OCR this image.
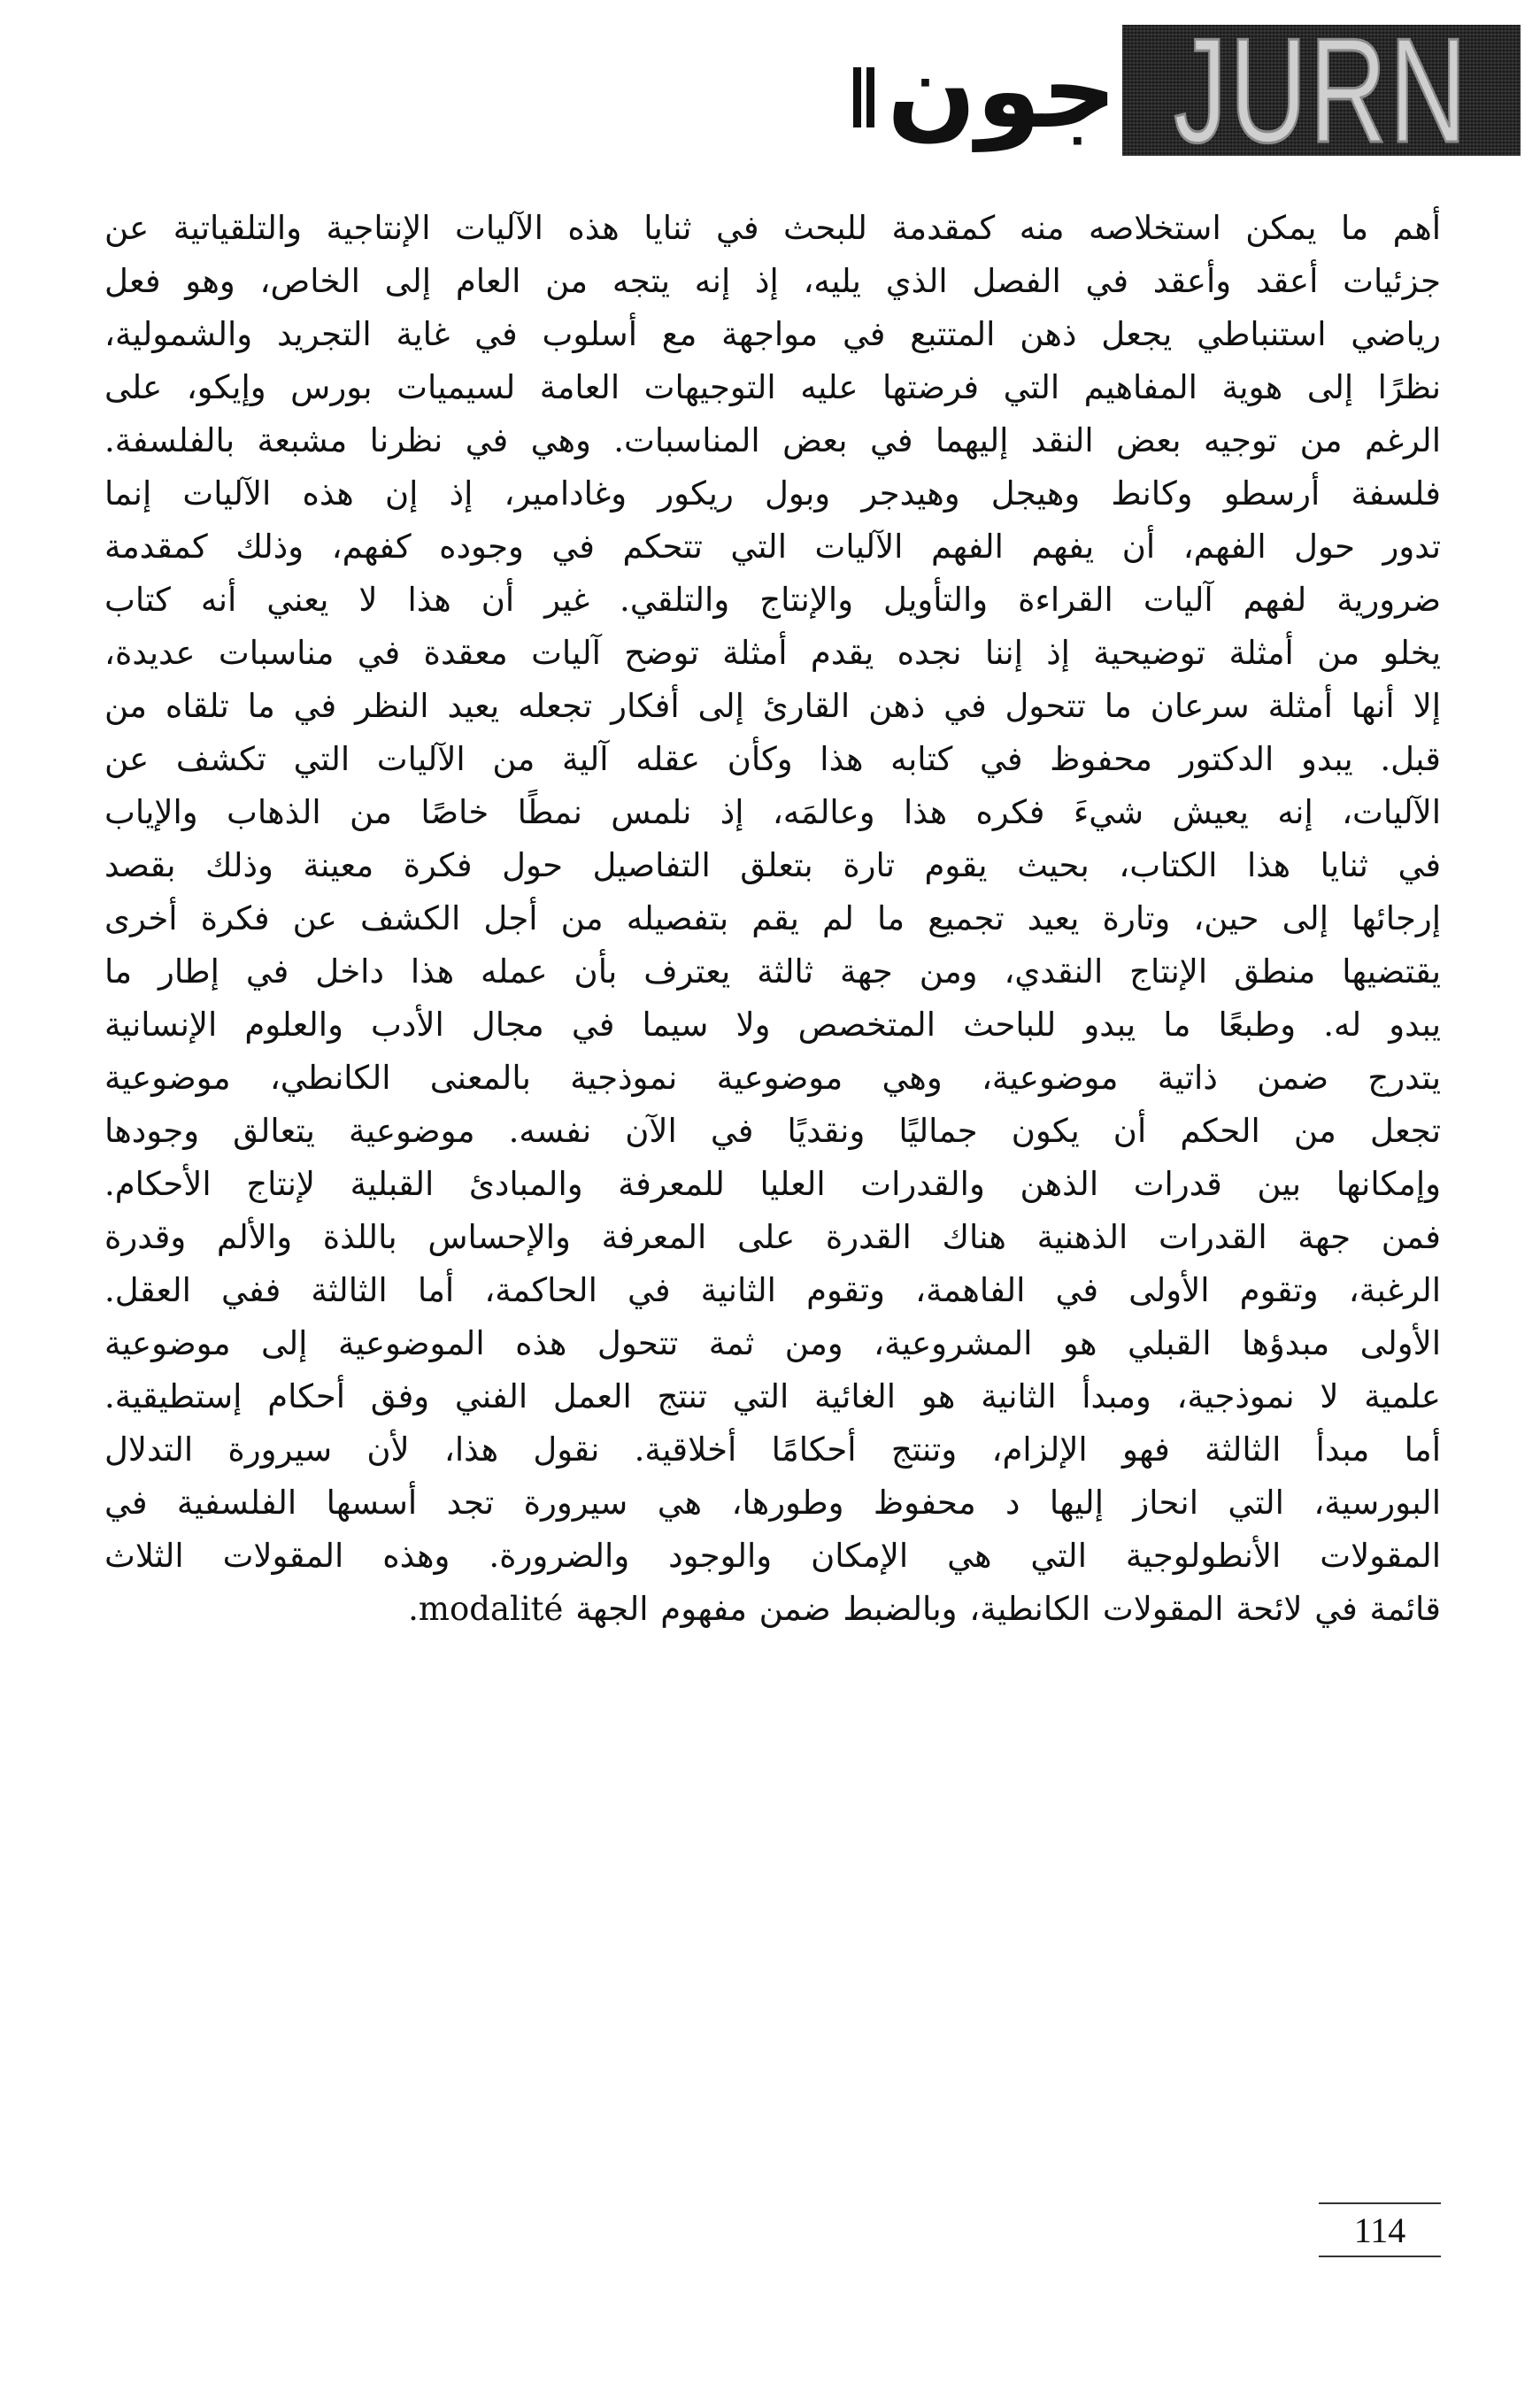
جون JURN
أهم ما يمكن استخلاصه منه كمقدمة للبحث في ثنايا هذه الآليات الإنتاجية والتلقياتية عن
جزئيات أعقد وأعقد في الفصل الذي يليه، إذ إنه يتجه من العام إلى الخاص، وهو فعل
رياضي استنباطي يجعل ذهن المتتبع في مواجهة مع أسلوب في غاية التجريد والشمولية،
نظرًا إلى هوية المفاهيم التي فرضتها عليه التوجيهات العامة لسيميات بورس وإيكو، على
الرغم من توجيه بعض النقد إليهما في بعض المناسبات. وهي في نظرنا مشبعة بالفلسفة.
فلسفة أرسطو وكانط وهيجل وهيدجر وبول ريكور وغادامير، إذ إن هذه الآليات إنما
تدور حول الفهم، أن يفهم الفهم الآليات التي تتحكم في وجوده كفهم، وذلك كمقدمة
ضرورية لفهم آليات القراءة والتأويل والإنتاج والتلقي. غير أن هذا لا يعني أنه كتاب
يخلو من أمثلة توضيحية إذ إننا نجده يقدم أمثلة توضح آليات معقدة في مناسبات عديدة،
إلا أنها أمثلة سرعان ما تتحول في ذهن القارئ إلى أفكار تجعله يعيد النظر في ما تلقاه من
قبل. يبدو الدكتور محفوظ في كتابه هذا وكأن عقله آلية من الآليات التي تكشف عن
الآليات، إنه يعيش شيءَ فكره هذا وعالمَه، إذ نلمس نمطًا خاصًا من الذهاب والإياب
في ثنايا هذا الكتاب، بحيث يقوم تارة بتعلق التفاصيل حول فكرة معينة وذلك بقصد
إرجائها إلى حين، وتارة يعيد تجميع ما لم يقم بتفصيله من أجل الكشف عن فكرة أخرى
يقتضيها منطق الإنتاج النقدي، ومن جهة ثالثة يعترف بأن عمله هذا داخل في إطار ما
يبدو له. وطبعًا ما يبدو للباحث المتخصص ولا سيما في مجال الأدب والعلوم الإنسانية
يتدرج ضمن ذاتية موضوعية، وهي موضوعية نموذجية بالمعنى الكانطي، موضوعية
تجعل من الحكم أن يكون جماليًا ونقديًا في الآن نفسه. موضوعية يتعالق وجودها
وإمكانها بين قدرات الذهن والقدرات العليا للمعرفة والمبادئ القبلية لإنتاج الأحكام.
فمن جهة القدرات الذهنية هناك القدرة على المعرفة والإحساس باللذة والألم وقدرة
الرغبة، وتقوم الأولى في الفاهمة، وتقوم الثانية في الحاكمة، أما الثالثة ففي العقل.
الأولى مبدؤها القبلي هو المشروعية، ومن ثمة تتحول هذه الموضوعية إلى موضوعية
علمية لا نموذجية، ومبدأ الثانية هو الغائية التي تنتج العمل الفني وفق أحكام إستطيقية.
أما مبدأ الثالثة فهو الإلزام، وتنتج أحكامًا أخلاقية. نقول هذا، لأن سيرورة التدلال
البورسية، التي انحاز إليها د محفوظ وطورها، هي سيرورة تجد أسسها الفلسفية في
المقولات الأنطولوجية التي هي الإمكان والوجود والضرورة. وهذه المقولات الثلاث
قائمة في لائحة المقولات الكانطية، وبالضبط ضمن مفهوم الجهة modalité.
114
